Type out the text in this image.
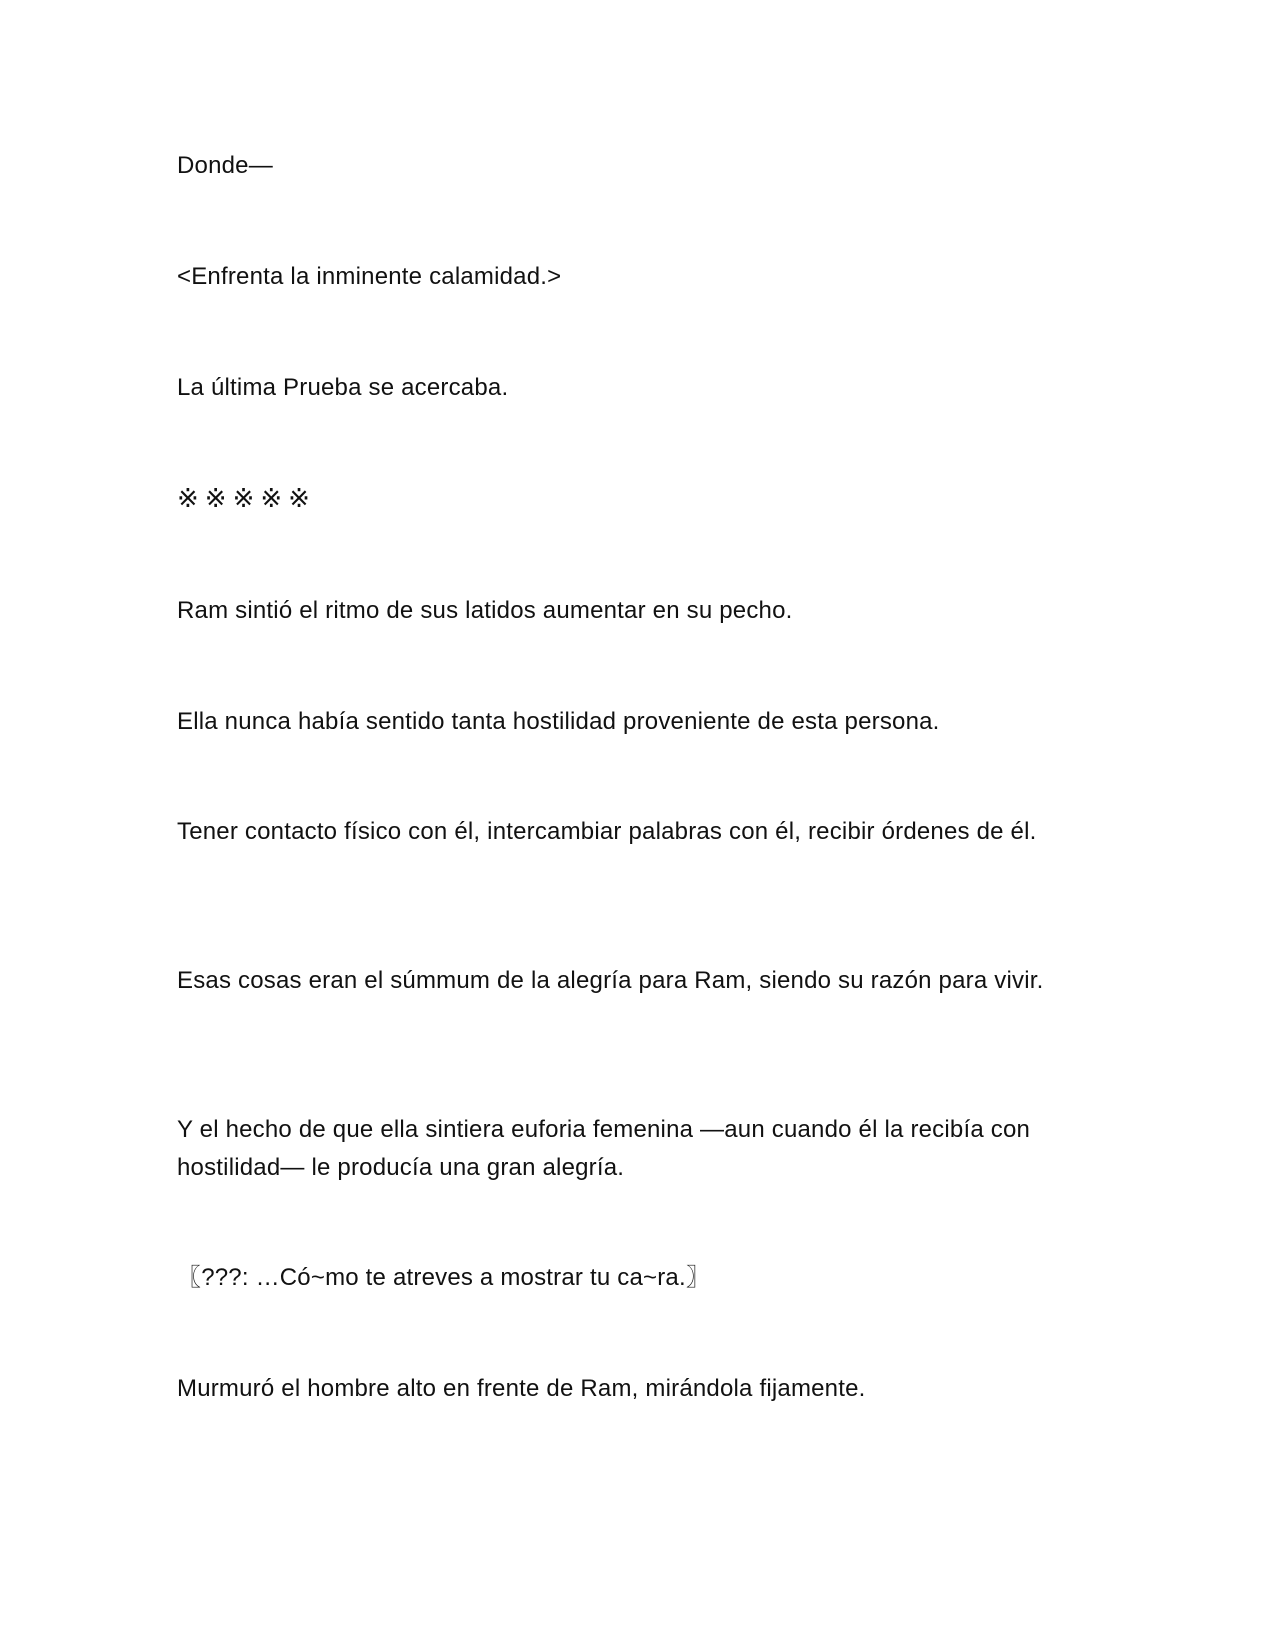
Donde—

<Enfrenta la inminente calamidad.>

La última Prueba se acercaba.

※※※※※

Ram sintió el ritmo de sus latidos aumentar en su pecho.

Ella nunca había sentido tanta hostilidad proveniente de esta persona.

Tener contacto físico con él, intercambiar palabras con él, recibir órdenes de él.

Esas cosas eran el súmmum de la alegría para Ram, siendo su razón para vivir.

Y el hecho de que ella sintiera euforia femenina —aun cuando él la recibía con hostilidad— le producía una gran alegría.

〖???: …Có~mo te atreves a mostrar tu ca~ra.〗

Murmuró el hombre alto en frente de Ram, mirándola fijamente.
